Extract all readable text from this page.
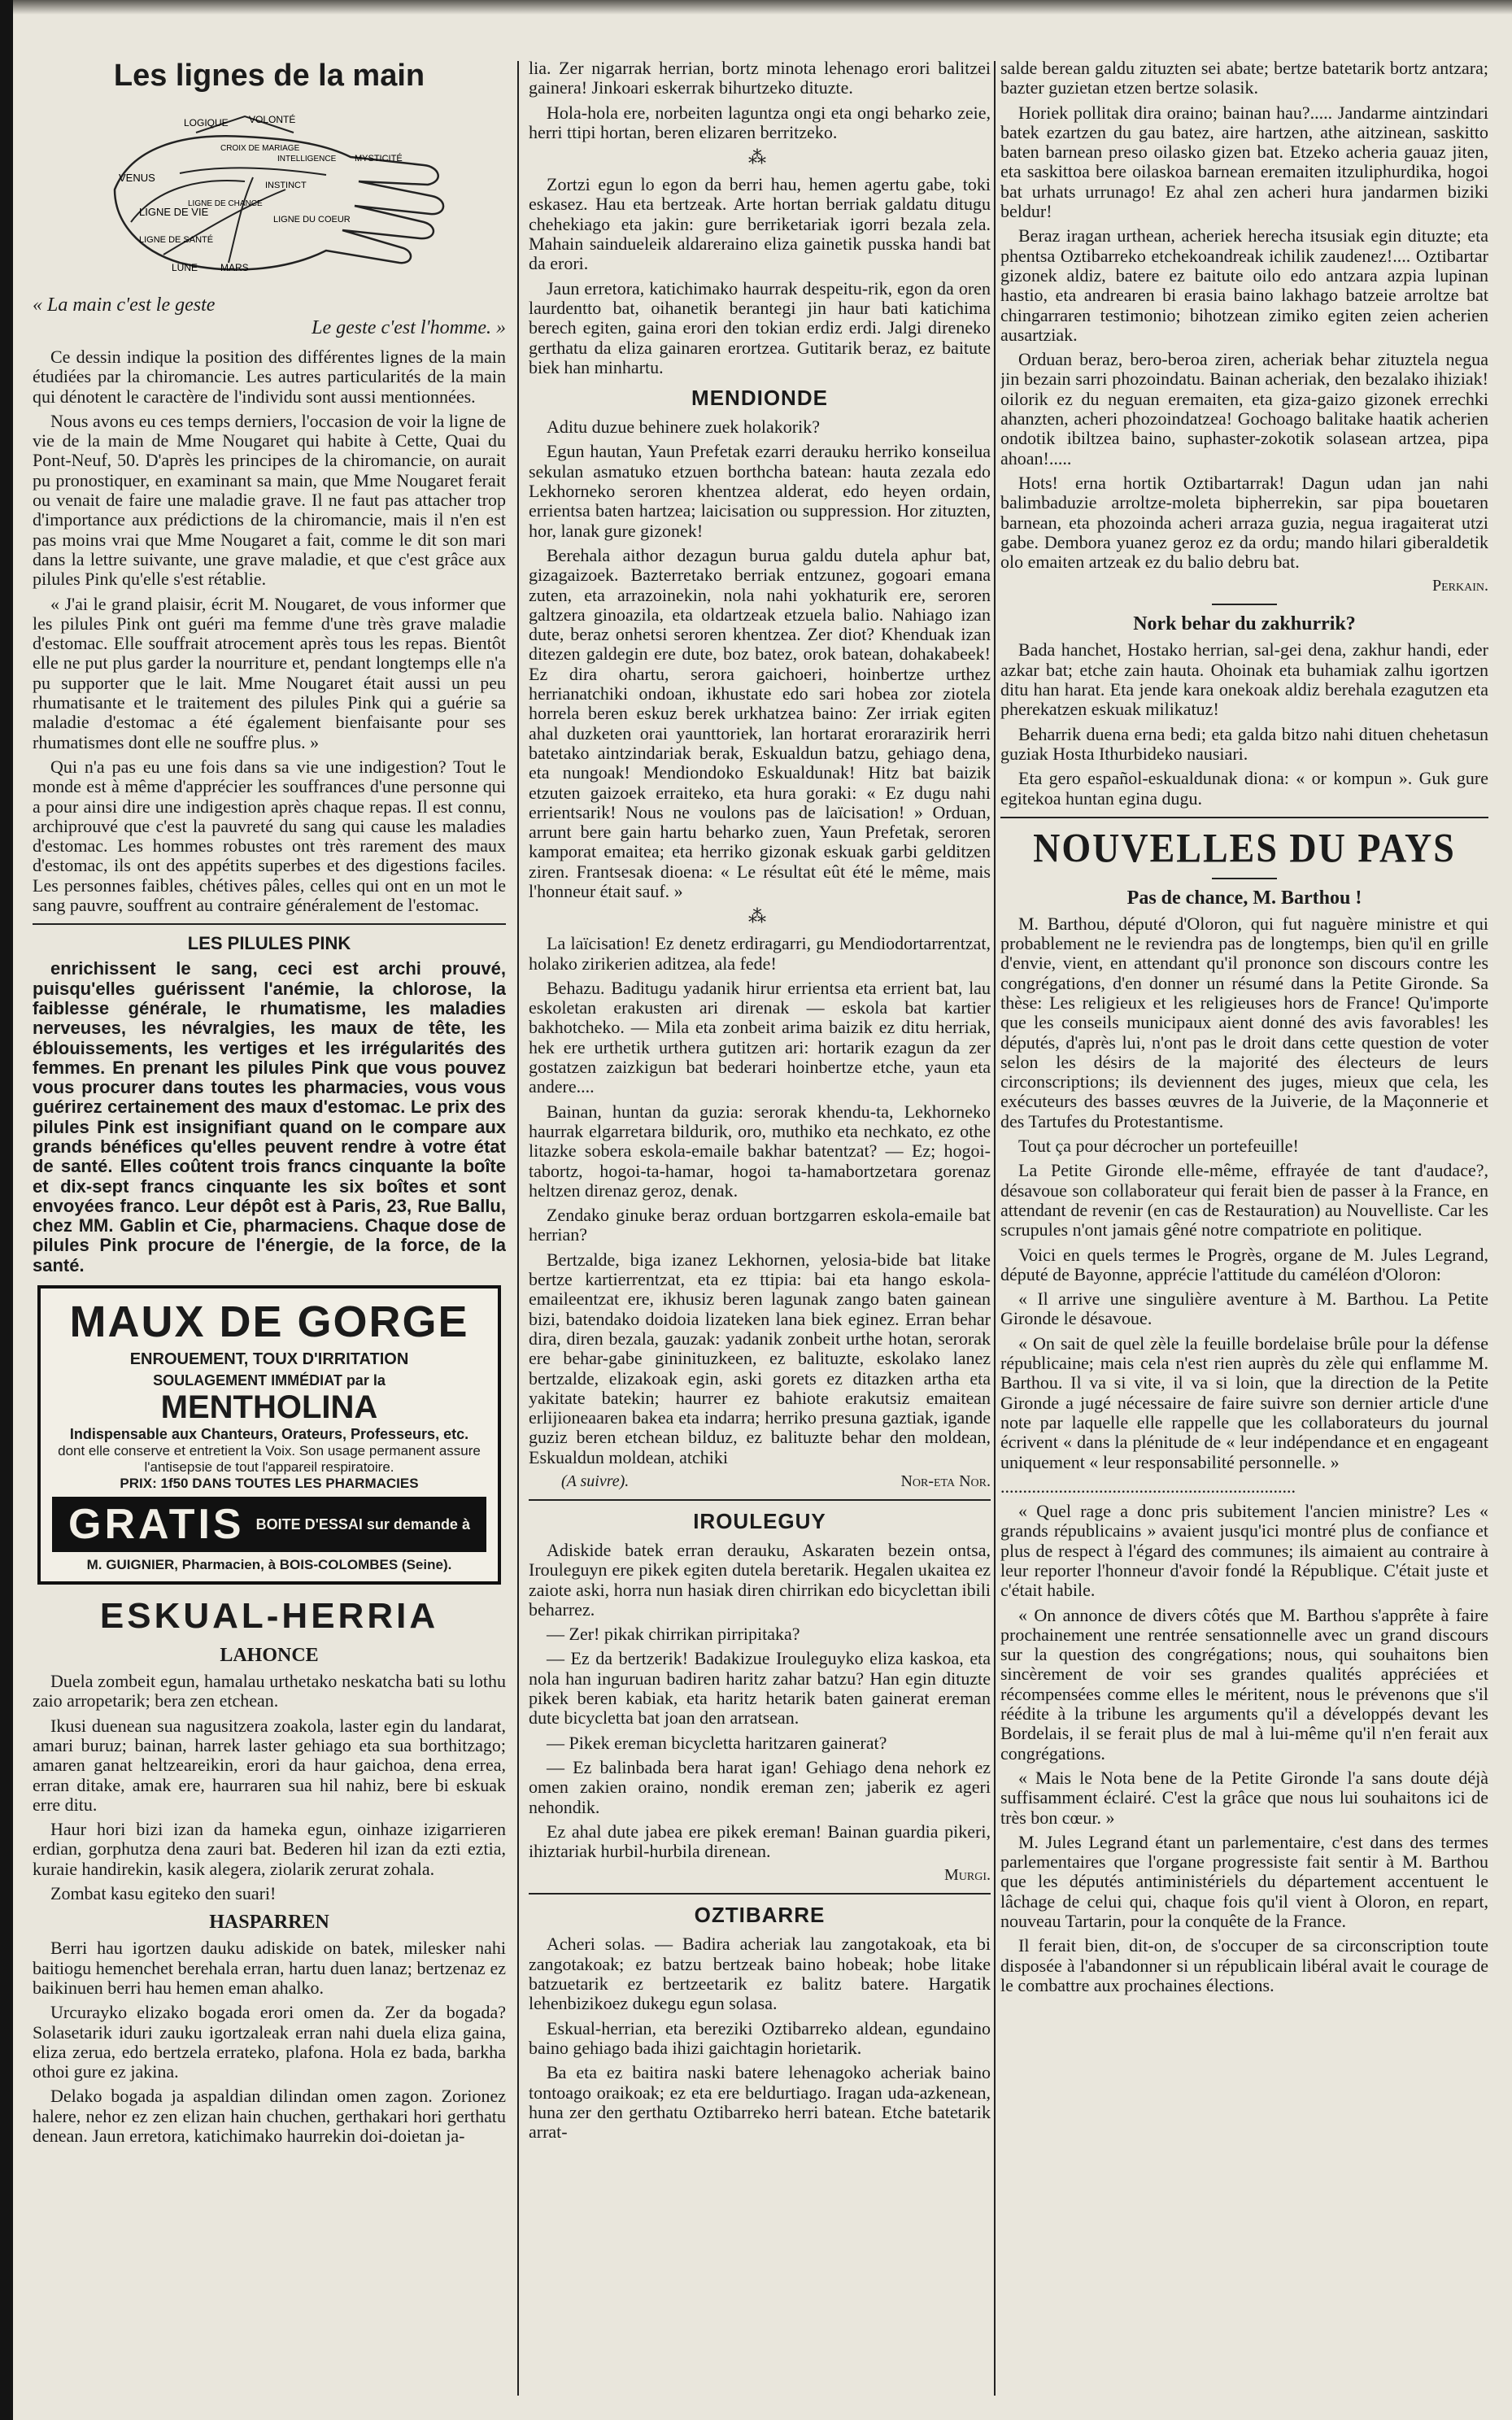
Les lignes de la main
LOGIQUE VOLONTÉ
CROIX DE MARIAGE
INTELLIGENCE MYSTICITÉ
VENUS
INSTINCT
LIGNE DE VIE
LIGNE DU COEUR
LIGNE DE CHANCE
LIGNE DE SANTÉ
LUNE MARS
« La main c'est le geste
Le geste c'est l'homme. »

Ce dessin indique la position des différentes lignes de la main étudiées par la chiromancie. Les autres particularités de la main qui dénotent le caractère de l'individu sont aussi mentionnées.

Nous avons eu ces temps derniers, l'occasion de voir la ligne de vie de la main de Mme Nougaret qui habite à Cette, Quai du Pont-Neuf, 50. D'après les principes de la chiromancie, on aurait pu pronostiquer, en examinant sa main, que Mme Nougaret ferait ou venait de faire une maladie grave. Il ne faut pas attacher trop d'importance aux prédictions de la chiromancie, mais il n'en est pas moins vrai que Mme Nougaret a fait, comme le dit son mari dans la lettre suivante, une grave maladie, et que c'est grâce aux pilules Pink qu'elle s'est rétablie.

« J'ai le grand plaisir, écrit M. Nougaret, de vous informer que les pilules Pink ont guéri ma femme d'une très grave maladie d'estomac. Elle souffrait atrocement après tous les repas. Bientôt elle ne put plus garder la nourriture et, pendant longtemps elle n'a pu supporter que le lait. Mme Nougaret était aussi un peu rhumatisante et le traitement des pilules Pink qui a guérie sa maladie d'estomac a été également bienfaisante pour ses rhumatismes dont elle ne souffre plus. »

Qui n'a pas eu une fois dans sa vie une indigestion? Tout le monde est à même d'apprécier les souffrances d'une personne qui a pour ainsi dire une indigestion après chaque repas. Il est connu, archiprouvé que c'est la pauvreté du sang qui cause les maladies d'estomac. Les hommes robustes ont très rarement des maux d'estomac, ils ont des appétits superbes et des digestions faciles. Les personnes faibles, chétives pâles, celles qui ont en un mot le sang pauvre, souffrent au contraire généralement de l'estomac.

LES PILULES PINK

enrichissent le sang, ceci est archi prouvé, puisqu'elles guérissent l'anémie, la chlorose, la faiblesse générale, le rhumatisme, les maladies nerveuses, les névralgies, les maux de tête, les éblouissements, les vertiges et les irrégularités des femmes. En prenant les pilules Pink que vous pouvez vous procurer dans toutes les pharmacies, vous vous guérirez certainement des maux d'estomac. Le prix des pilules Pink est insignifiant quand on le compare aux grands bénéfices qu'elles peuvent rendre à votre état de santé. Elles coûtent trois francs cinquante la boîte et dix-sept francs cinquante les six boîtes et sont envoyées franco. Leur dépôt est à Paris, 23, Rue Ballu, chez MM. Gablin et Cie, pharmaciens. Chaque dose de pilules Pink procure de l'énergie, de la force, de la santé.

MAUX DE GORGE
ENROUEMENT, TOUX D'IRRITATION
SOULAGEMENT IMMÉDIAT par la
MENTHOLINA
Indispensable aux Chanteurs, Orateurs, Professeurs, etc.
dont elle conserve et entretient la Voix. Son usage permanent assure l'antisepsie de tout l'appareil respiratoire.
PRIX: 1f50 DANS TOUTES LES PHARMACIES
GRATIS BOITE D'ESSAI sur demande à
M. GUIGNIER, Pharmacien, à BOIS-COLOMBES (Seine).
ESKUAL-HERRIA
LAHONCE

Duela zombeit egun, hamalau urthetako neskatcha bati su lothu zaio arropetarik; bera zen etchean.

Ikusi duenean sua nagusitzera zoakola, laster egin du landarat, amari buruz; bainan, harrek laster gehiago eta sua borthitzago; amaren ganat heltzeareikin, erori da haur gaichoa, dena errea, erran ditake, amak ere, haurraren sua hil nahiz, bere bi eskuak erre ditu.

Haur hori bizi izan da hameka egun, oinhaze izigarrieren erdian, gorphutza dena zauri bat. Bederen hil izan da ezti eztia, kuraie handirekin, kasik alegera, ziolarik zerurat zohala.

Zombat kasu egiteko den suari!

HASPARREN

Berri hau igortzen dauku adiskide on batek, milesker nahi baitiogu hemenchet berehala erran, hartu duen lanaz; bertzenaz ez baikinuen berri hau hemen eman ahalko.

Urcurayko elizako bogada erori omen da. Zer da bogada? Solasetarik iduri zauku igortzaleak erran nahi duela eliza gaina, eliza zerua, edo bertzela errateko, plafona. Hola ez bada, barkha othoi gure ez jakina.

Delako bogada ja aspaldian dilindan omen zagon. Zorionez halere, nehor ez zen elizan hain chuchen, gerthakari hori gerthatu denean. Jaun erretora, katichimako haurrekin doi-doietan ja-

lia. Zer nigarrak herrian, bortz minota lehenago erori balitzei gainera! Jinkoari eskerrak bihurtzeko dituzte.

Hola-hola ere, norbeiten laguntza ongi eta ongi beharko zeie, herri ttipi hortan, beren elizaren berritzeko.

⁂

Zortzi egun lo egon da berri hau, hemen agertu gabe, toki eskasez. Hau eta bertzeak. Arte hortan berriak galdatu ditugu chehekiago eta jakin: gure berriketariak igorri bezala zela. Mahain saindueleik aldareraino eliza gainetik pusska handi bat da erori.

Jaun erretora, katichimako haurrak despeitu-rik, egon da oren laurdentto bat, oihanetik berantegi jin haur bati katichima berech egiten, gaina erori den tokian erdiz erdi. Jalgi direneko gerthatu da eliza gainaren erortzea. Gutitarik beraz, ez baitute biek han minhartu.

MENDIONDE

Aditu duzue behinere zuek holakorik?

Egun hautan, Yaun Prefetak ezarri derauku herriko konseilua sekulan asmatuko etzuen borthcha batean: hauta zezala edo Lekhorneko seroren khentzea alderat, edo heyen ordain, errientsa baten hartzea; laicisation ou suppression. Hor zituzten, hor, lanak gure gizonek!

Berehala aithor dezagun burua galdu dutela aphur bat, gizagaizoek. Bazterretako berriak entzunez, gogoari emana zuten, eta arrazoinekin, nola nahi yokhaturik ere, seroren galtzera ginoazila, eta oldartzeak etzuela balio. Nahiago izan dute, beraz onhetsi seroren khentzea. Zer diot? Khenduak izan ditezen galdegin ere dute, boz batez, orok batean, dohakabeek! Ez dira ohartu, serora gaichoeri, hoinbertze urthez herrianatchiki ondoan, ikhustate edo sari hobea zor ziotela horrela beren eskuz berek urkhatzea baino: Zer irriak egiten ahal duzketen orai yaunttoriek, lan hortarat erorarazirik herri batetako aintzindariak berak, Eskualdun batzu, gehiago dena, eta nungoak! Mendiondoko Eskualdunak! Hitz bat baizik etzuten gaizoek erraiteko, eta hura goraki: « Ez dugu nahi errientsarik! Nous ne voulons pas de laïcisation! » Orduan, arrunt bere gain hartu beharko zuen, Yaun Prefetak, seroren kamporat emaitea; eta herriko gizonak eskuak garbi gelditzen ziren. Frantsesak dioena: « Le résultat eût été le même, mais l'honneur était sauf. »

⁂

La laïcisation! Ez denetz erdiragarri, gu Mendiodortarrentzat, holako zirikerien aditzea, ala fede!

Behazu. Baditugu yadanik hirur errientsa eta errient bat, lau eskoletan erakusten ari direnak — eskola bat kartier bakhotcheko. — Mila eta zonbeit arima baizik ez ditu herriak, hek ere urthetik urthera gutitzen ari: hortarik ezagun da zer gostatzen zaizkigun bat bederari hoinbertze etche, yaun eta andere....

Bainan, huntan da guzia: serorak khendu-ta, Lekhorneko haurrak elgarretara bildurik, oro, muthiko eta nechkato, ez othe litazke sobera eskola-emaile bakhar batentzat? — Ez; hogoi-tabortz, hogoi-ta-hamar, hogoi ta-hamabortzetara gorenaz heltzen direnaz geroz, denak.

Zendako ginuke beraz orduan bortzgarren eskola-emaile bat herrian?

Bertzalde, biga izanez Lekhornen, yelosia-bide bat litake bertze kartierrentzat, eta ez ttipia: bai eta hango eskola-emaileentzat ere, ikhusiz beren lagunak zango baten gainean bizi, batendako doidoia lizateken lana biek eginez. Erran behar dira, diren bezala, gauzak: yadanik zonbeit urthe hotan, serorak ere behar-gabe gininituzkeen, ez balituzte, eskolako lanez bertzalde, elizakoak egin, aski gorets ez ditazken artha eta yakitate batekin; haurrer ez bahiote erakutsiz emaitean erlijioneaaren bakea eta indarra; herriko presuna gaztiak, igande guziz beren etchean bilduz, ez balituzte behar den moldean, Eskualdun moldean, atchiki

(A suivre).	Nor-eta Nor.
IROULEGUY

Adiskide batek erran derauku, Askaraten bezein ontsa, Irouleguyn ere pikek egiten dutela beretarik. Hegalen ukaitea ez zaiote aski, horra nun hasiak diren chirrikan edo bicyclettan ibili beharrez.

— Zer! pikak chirrikan pirripitaka?

— Ez da bertzerik! Badakizue Irouleguyko eliza kaskoa, eta nola han inguruan badiren haritz zahar batzu? Han egin dituzte pikek beren kabiak, eta haritz hetarik baten gainerat ereman dute bicycletta bat joan den arratsean.

— Pikek ereman bicycletta haritzaren gainerat?

— Ez balinbada bera harat igan! Gehiago dena nehork ez omen zakien oraino, nondik ereman zen; jaberik ez ageri nehondik.

Ez ahal dute jabea ere pikek ereman! Bainan guardia pikeri, ihiztariak hurbil-hurbila direnean.

Murgi.
OZTIBARRE

Acheri solas. — Badira acheriak lau zangotakoak, eta bi zangotakoak; ez batzu bertzeak baino hobeak; hobe litake batzuetarik ez bertzeetarik ez balitz batere. Hargatik lehenbizikoez dukegu egun solasa.

Eskual-herrian, eta bereziki Oztibarreko aldean, egundaino baino gehiago bada ihizi gaichtagin horietarik.

Ba eta ez baitira naski batere lehenagoko acheriak baino tontoago oraikoak; ez eta ere beldurtiago. Iragan uda-azkenean, huna zer den gerthatu Oztibarreko herri batean. Etche batetarik arrat-

salde berean galdu zituzten sei abate; bertze batetarik bortz antzara; bazter guzietan etzen bertze solasik.

Horiek pollitak dira oraino; bainan hau?..... Jandarme aintzindari batek ezartzen du gau batez, aire hartzen, athe aitzinean, saskitto baten barnean preso oilasko gizen bat. Etzeko acheria gauaz jiten, eta saskittoa bere oilaskoa barnean eremaiten itzuliphurdika, hogoi bat urhats urrunago! Ez ahal zen acheri hura jandarmen biziki beldur!

Beraz iragan urthean, acheriek herecha itsusiak egin dituzte; eta phentsa Oztibarreko etchekoandreak ichilik zaudenez!.... Oztibartar gizonek aldiz, batere ez baitute oilo edo antzara azpia lupinan hastio, eta andrearen bi erasia baino lakhago batzeie arroltze bat chingarraren testimonio; bihotzean zimiko egiten zeien acherien ausartziak.

Orduan beraz, bero-beroa ziren, acheriak behar zituztela negua jin bezain sarri phozoindatu. Bainan acheriak, den bezalako ihiziak! oilorik ez du neguan eremaiten, eta giza-gaizo gizonek errechki ahanzten, acheri phozoindatzea! Gochoago balitake haatik acherien ondotik ibiltzea baino, suphaster-zokotik solasean artzea, pipa ahoan!.....

Hots! erna hortik Oztibartarrak! Dagun udan jan nahi balimbaduzie arroltze-moleta bipherrekin, sar pipa bouetaren barnean, eta phozoinda acheri arraza guzia, negua iragaiterat utzi gabe. Dembora yuanez geroz ez da ordu; mando hilari giberaldetik olo emaiten artzeak ez du balio debru bat.

Perkain.
Nork behar du zakhurrik?

Bada hanchet, Hostako herrian, sal-gei dena, zakhur handi, eder azkar bat; etche zain hauta. Ohoinak eta buhamiak zalhu igortzen ditu han harat. Eta jende kara onekoak aldiz berehala ezagutzen eta pherekatzen eskuak milikatuz!

Beharrik duena erna bedi; eta galda bitzo nahi dituen chehetasun guziak Hosta Ithurbideko nausiari.

Eta gero español-eskualdunak diona: « or kompun ». Guk gure egitekoa huntan egina dugu.

NOUVELLES DU PAYS
Pas de chance, M. Barthou !

M. Barthou, député d'Oloron, qui fut naguère ministre et qui probablement ne le reviendra pas de longtemps, bien qu'il en grille d'envie, vient, en attendant qu'il prononce son discours contre les congrégations, d'en donner un résumé dans la Petite Gironde. Sa thèse: Les religieux et les religieuses hors de France! Qu'importe que les conseils municipaux aient donné des avis favorables! les députés, d'après lui, n'ont pas le droit dans cette question de voter selon les désirs de la majorité des électeurs de leurs circonscriptions; ils deviennent des juges, mieux que cela, les exécuteurs des basses œuvres de la Juiverie, de la Maçonnerie et des Tartufes du Protestantisme.

Tout ça pour décrocher un portefeuille!

La Petite Gironde elle-même, effrayée de tant d'audace?, désavoue son collaborateur qui ferait bien de passer à la France, en attendant de revenir (en cas de Restauration) au Nouvelliste. Car les scrupules n'ont jamais gêné notre compatriote en politique.

Voici en quels termes le Progrès, organe de M. Jules Legrand, député de Bayonne, apprécie l'attitude du caméléon d'Oloron:

« Il arrive une singulière aventure à M. Barthou. La Petite Gironde le désavoue.

« On sait de quel zèle la feuille bordelaise brûle pour la défense républicaine; mais cela n'est rien auprès du zèle qui enflamme M. Barthou. Il va si vite, il va si loin, que la direction de la Petite Gironde a jugé nécessaire de faire suivre son dernier article d'une note par laquelle elle rappelle que les collaborateurs du journal écrivent « dans la plénitude de « leur indépendance et en engageant uniquement « leur responsabilité personnelle. »

..................................................................

« Quel rage a donc pris subitement l'ancien ministre? Les « grands républicains » avaient jusqu'ici montré plus de confiance et plus de respect à l'égard des communes; ils aimaient au contraire à leur reporter l'honneur d'avoir fondé la République. C'était juste et c'était habile.

« On annonce de divers côtés que M. Barthou s'apprête à faire prochainement une rentrée sensationnelle avec un grand discours sur la question des congrégations; nous, qui souhaitons bien sincèrement de voir ses grandes qualités appréciées et récompensées comme elles le méritent, nous le prévenons que s'il réédite à la tribune les arguments qu'il a développés devant les Bordelais, il se ferait plus de mal à lui-même qu'il n'en ferait aux congrégations.

« Mais le Nota bene de la Petite Gironde l'a sans doute déjà suffisamment éclairé. C'est la grâce que nous lui souhaitons ici de très bon cœur. »

M. Jules Legrand étant un parlementaire, c'est dans des termes parlementaires que l'organe progressiste fait sentir à M. Barthou que les députés antiministériels du département accentuent le lâchage de celui qui, chaque fois qu'il vient à Oloron, en repart, nouveau Tartarin, pour la conquête de la France.

Il ferait bien, dit-on, de s'occuper de sa circonscription toute disposée à l'abandonner si un républicain libéral avait le courage de le combattre aux prochaines élections.
